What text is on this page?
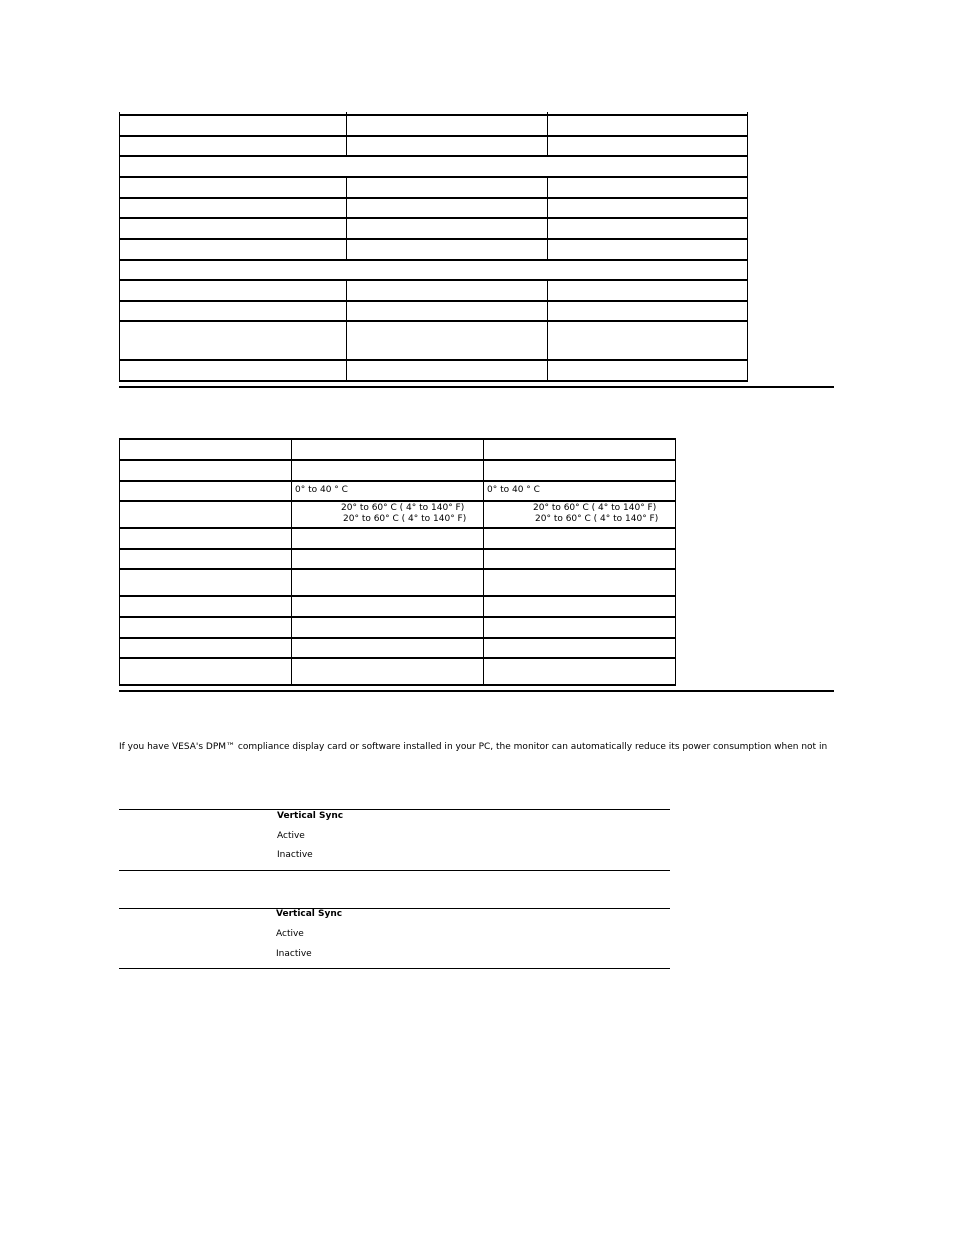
0° to 40 ° C	0° to 40 ° C
20° to 60° C ( 4° to 140° F)
20° to 60° C ( 4° to 140° F)
20° to 60° C ( 4° to 140° F)
20° to 60° C ( 4° to 140° F)

If you have VESA's DPM™ compliance display card or software installed in your PC, the monitor can automatically reduce its power consumption when not in

Vertical Sync
Active
Inactive
Vertical Sync
Active
Inactive
